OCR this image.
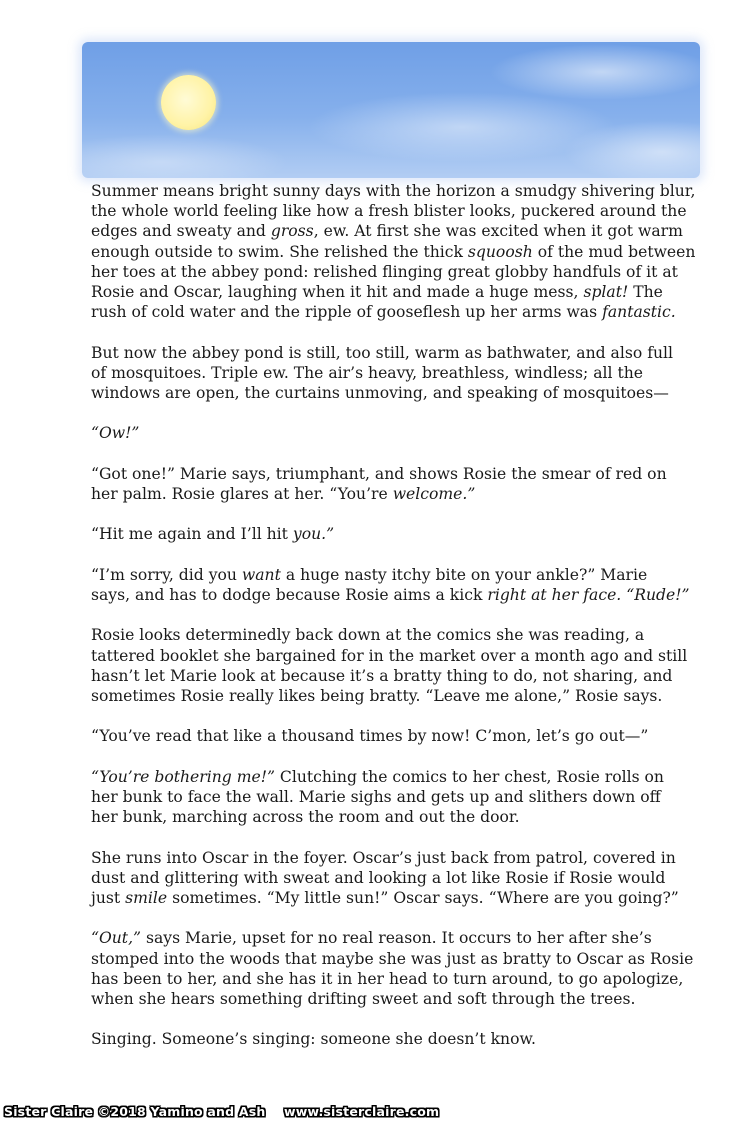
Summer means bright sunny days with the horizon a smudgy shivering blur,
the whole world feeling like how a fresh blister looks, puckered around the
edges and sweaty and gross, ew. At first she was excited when it got warm
enough outside to swim. She relished the thick squoosh of the mud between
her toes at the abbey pond: relished flinging great globby handfuls of it at
Rosie and Oscar, laughing when it hit and made a huge mess, splat! The
rush of cold water and the ripple of gooseflesh up her arms was fantastic.

But now the abbey pond is still, too still, warm as bathwater, and also full
of mosquitoes. Triple ew. The air’s heavy, breathless, windless; all the
windows are open, the curtains unmoving, and speaking of mosquitoes—

“Ow!”

“Got one!” Marie says, triumphant, and shows Rosie the smear of red on
her palm. Rosie glares at her. “You’re welcome.”

“Hit me again and I’ll hit you.”

“I’m sorry, did you want a huge nasty itchy bite on your ankle?” Marie
says, and has to dodge because Rosie aims a kick right at her face. “Rude!”

Rosie looks determinedly back down at the comics she was reading, a
tattered booklet she bargained for in the market over a month ago and still
hasn’t let Marie look at because it’s a bratty thing to do, not sharing, and
sometimes Rosie really likes being bratty. “Leave me alone,” Rosie says.

“You’ve read that like a thousand times by now! C’mon, let’s go out—”

“You’re bothering me!” Clutching the comics to her chest, Rosie rolls on
her bunk to face the wall. Marie sighs and gets up and slithers down off
her bunk, marching across the room and out the door.

She runs into Oscar in the foyer. Oscar’s just back from patrol, covered in
dust and glittering with sweat and looking a lot like Rosie if Rosie would
just smile sometimes. “My little sun!” Oscar says. “Where are you going?”

“Out,” says Marie, upset for no real reason. It occurs to her after she’s
stomped into the woods that maybe she was just as bratty to Oscar as Rosie
has been to her, and she has it in her head to turn around, to go apologize,
when she hears something drifting sweet and soft through the trees.

Singing. Someone’s singing: someone she doesn’t know.

Sister Claire ©2018 Yamino and Ash www.sisterclaire.com
